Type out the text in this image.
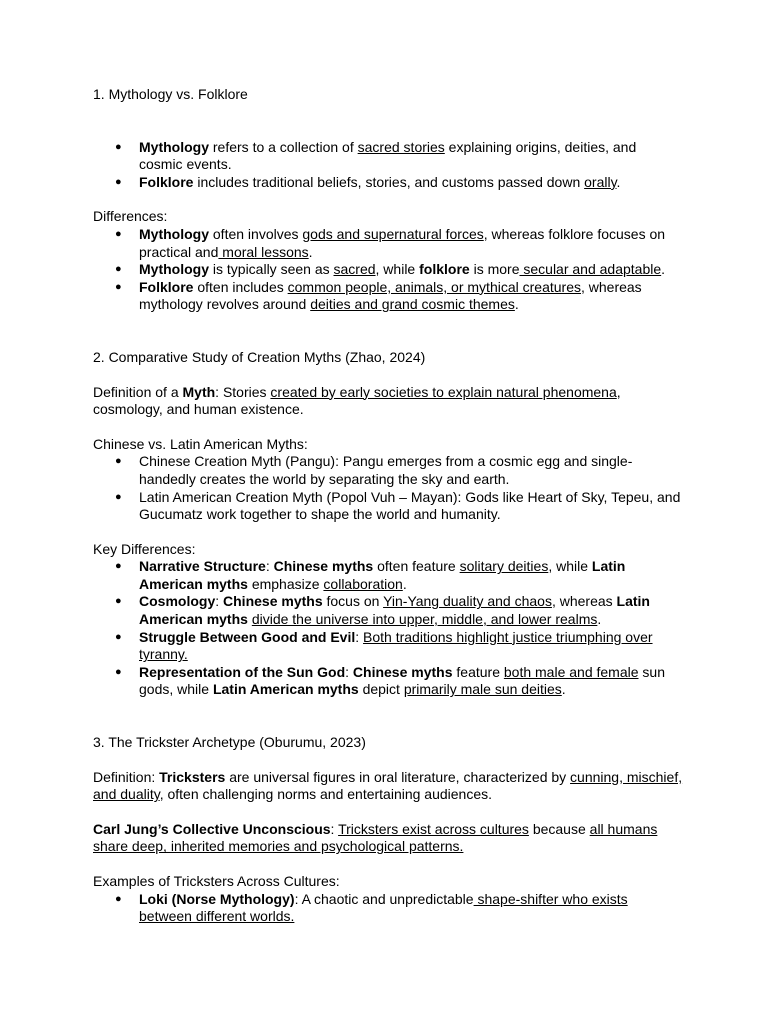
1. Mythology vs. Folklore

● Mythology refers to a collection of sacred stories explaining origins, deities, and cosmic events.
● Folklore includes traditional beliefs, stories, and customs passed down orally.

Differences:

● Mythology often involves gods and supernatural forces, whereas folklore focuses on practical and moral lessons.
● Mythology is typically seen as sacred, while folklore is more secular and adaptable.
● Folklore often includes common people, animals, or mythical creatures, whereas mythology revolves around deities and grand cosmic themes.

2. Comparative Study of Creation Myths (Zhao, 2024)

Definition of a Myth: Stories created by early societies to explain natural phenomena, cosmology, and human existence.

Chinese vs. Latin American Myths:

● Chinese Creation Myth (Pangu): Pangu emerges from a cosmic egg and single-handedly creates the world by separating the sky and earth.
● Latin American Creation Myth (Popol Vuh – Mayan): Gods like Heart of Sky, Tepeu, and Gucumatz work together to shape the world and humanity.

Key Differences:

● Narrative Structure: Chinese myths often feature solitary deities, while Latin American myths emphasize collaboration.
● Cosmology: Chinese myths focus on Yin-Yang duality and chaos, whereas Latin American myths divide the universe into upper, middle, and lower realms.
● Struggle Between Good and Evil: Both traditions highlight justice triumphing over tyranny.
● Representation of the Sun God: Chinese myths feature both male and female sun gods, while Latin American myths depict primarily male sun deities.

3. The Trickster Archetype (Oburumu, 2023)

Definition: Tricksters are universal figures in oral literature, characterized by cunning, mischief, and duality, often challenging norms and entertaining audiences.

Carl Jung’s Collective Unconscious: Tricksters exist across cultures because all humans share deep, inherited memories and psychological patterns.

Examples of Tricksters Across Cultures:

● Loki (Norse Mythology): A chaotic and unpredictable shape-shifter who exists between different worlds.
